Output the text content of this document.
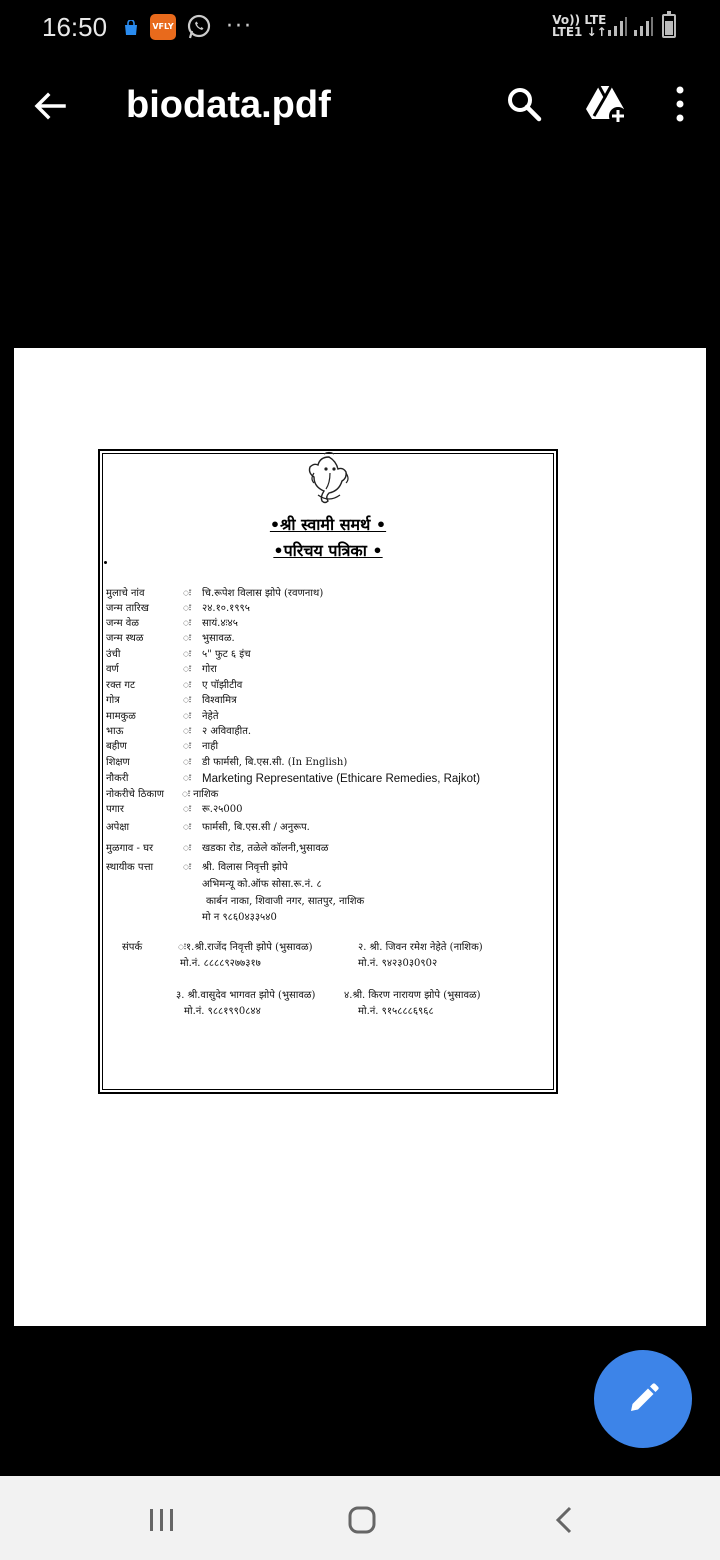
16:50	VFLY ···	Vo)) LTE
LTE1 ↓↑
biodata.pdf
•श्री स्वामी समर्थ •
•परिचय पत्रिका •
मुलाचे नांव	ः चि.रूपेश विलास झोपे (रवणनाथ)
जन्म तारिख	ः २४.१०.१९९५
जन्म वेळ	ः सायं.४ः४५
जन्म स्थळ	ः भुसावळ.
उंची	ः ५" फुट ६ इंच
वर्ण	ः गोरा
रक्त गट	ः ए पॉझीटीव
गोत्र	ः विश्वामित्र
मामकुळ	ः नेहेते
भाऊ	ः २ अविवाहीत.
बहीण	ः नाही
शिक्षण	ः डी फार्मसी, बि.एस.सी. (In English)
नौकरी	ः Marketing Representative (Ethicare Remedies, Rajkot)
नोकरीचे ठिकाण ः नाशिक
पगार	ः रू.२५000
अपेक्षा	ः फार्मसी, बि.एस.सी / अनुरूप.
मुळगाव - घर	ः खडका रोड, तळेले कॉलनी,भुसावळ
स्थायीक पत्ता	ः श्री. विलास निवृत्ती झोपे
अभिमन्यू को.ऑफ सोसा.रू.नं. ८
कार्बन नाका, शिवाजी नगर, सातपुर, नाशिक
मो न ९८६0४३३५४0
संपर्क	ः१.श्री.राजेंद निवृत्ती झोपे (भुसावळ)
मो.नं. ८८८८९२७७३१७
२. श्री. जिवन रमेश नेहेते (नाशिक)
मो.नं. ९४२३0३0९0२
३. श्री.वासुदेव भागवत झोपे (भुसावळ)
मो.नं. ९८८१९९0८४४
४.श्री. किरण नारायण झोपे (भुसावळ)
मो.नं. ९१५८८८६९६८
